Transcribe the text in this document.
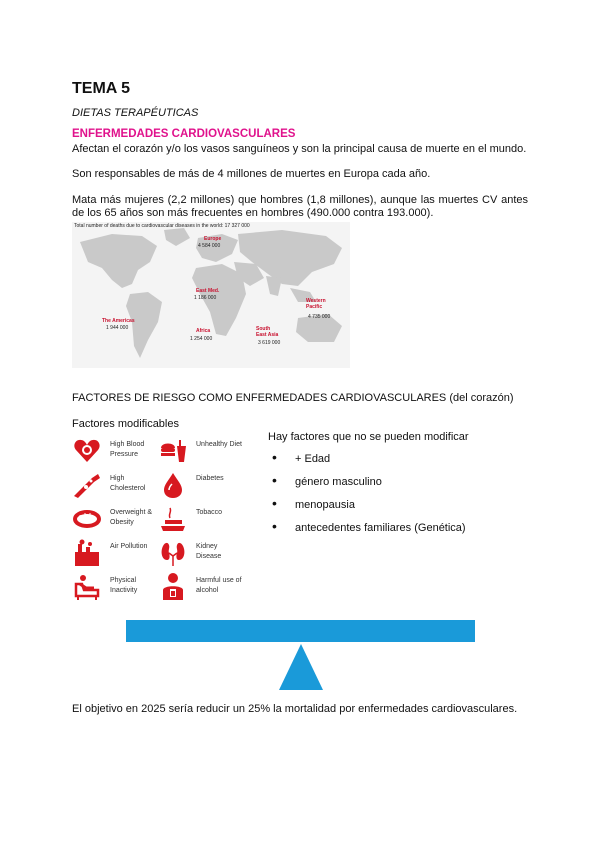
TEMA 5
DIETAS TERAPÉUTICAS
ENFERMEDADES CARDIOVASCULARES
Afectan el corazón y/o los vasos sanguíneos y son la principal causa de muerte en el mundo.
Son responsables de más de 4 millones de muertes en Europa cada año.
Mata más mujeres (2,2 millones) que hombres (1,8 millones), aunque las muertes CV antes de los 65 años son más frecuentes en hombres (490.000 contra 193.000).
Total number of deaths due to cardiovascular diseases in the world: 17 327 000
Europe
4 584 000
East Med.
1 186 000	Western Pacific
4 735 000
The Americas
1 944 000	Africa
1 254 000
South East Asia
3 619 000
FACTORES DE RIESGO COMO ENFERMEDADES CARDIOVASCULARES (del corazón)
Factores modificables
High Blood Pressure
Unhealthy Diet
High Cholesterol
Diabetes
Overweight & Obesity
Tobacco
Air Pollution	Kidney Disease
Physical Inactivity
Harmful use of alcohol
Hay factores que no se pueden modificar
• + Edad
• género masculino
• menopausia
• antecedentes familiares (Genética)
El objetivo en 2025 sería reducir un 25% la mortalidad por enfermedades cardiovasculares.
